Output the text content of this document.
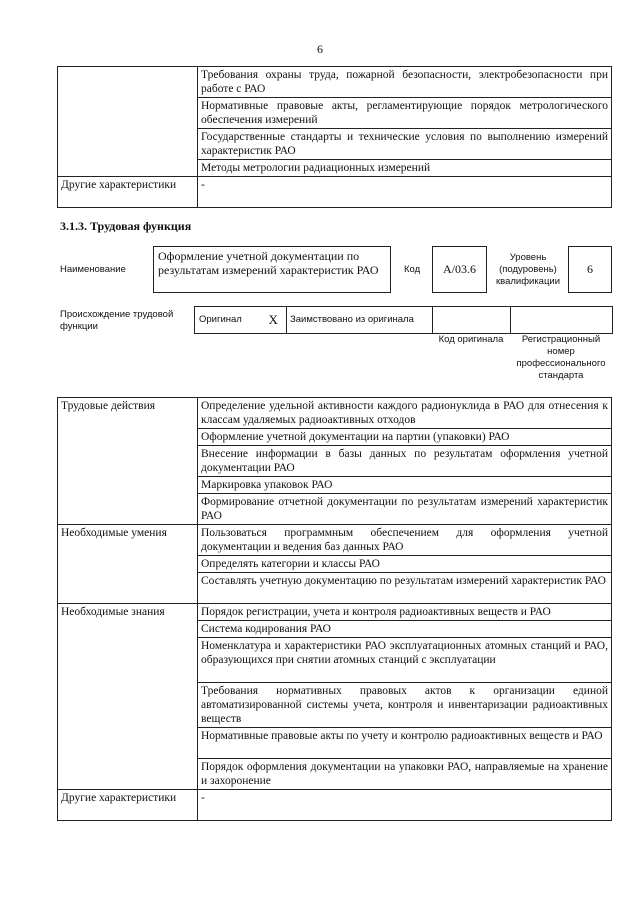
6
	Требования охраны труда, пожарной безопасности, электробезопасности при работе с РАО
	Нормативные правовые акты, регламентирующие порядок метрологического обеспечения измерений
	Государственные стандарты и технические условия по выполнению измерений характеристик РАО
	Методы метрологии радиационных измерений
Другие характеристики	-
3.1.3. Трудовая функция
Наименование
Оформление учетной документации по результатам измерений характеристик РАО	Код	А/03.6
Уровень (подуровень) квалификации
6
Происхождение трудовой функции
Оригинал	X	Заимствовано из оригинала		
Код оригинала	Регистрационный номер профессионального стандарта
Трудовые действия	Определение удельной активности каждого радионуклида в РАО для отнесения к классам удаляемых радиоактивных отходов
	Оформление учетной документации на партии (упаковки) РАО
	Внесение информации в базы данных по результатам оформления учетной документации РАО
	Маркировка упаковок РАО
	Формирование отчетной документации по результатам измерений характеристик РАО
Необходимые умения	Пользоваться программным обеспечением для оформления учетной документации и ведения баз данных РАО
	Определять категории и классы РАО
	Составлять учетную документацию по результатам измерений характеристик РАО
Необходимые знания	Порядок регистрации, учета и контроля радиоактивных веществ и РАО
	Система кодирования РАО
	Номенклатура и характеристики РАО эксплуатационных атомных станций и РАО, образующихся при снятии атомных станций с эксплуатации
	Требования нормативных правовых актов к организации единой автоматизированной системы учета, контроля и инвентаризации радиоактивных веществ
	Нормативные правовые акты по учету и контролю радиоактивных веществ и РАО
	Порядок оформления документации на упаковки РАО, направляемые на хранение и захоронение
Другие характеристики	-
